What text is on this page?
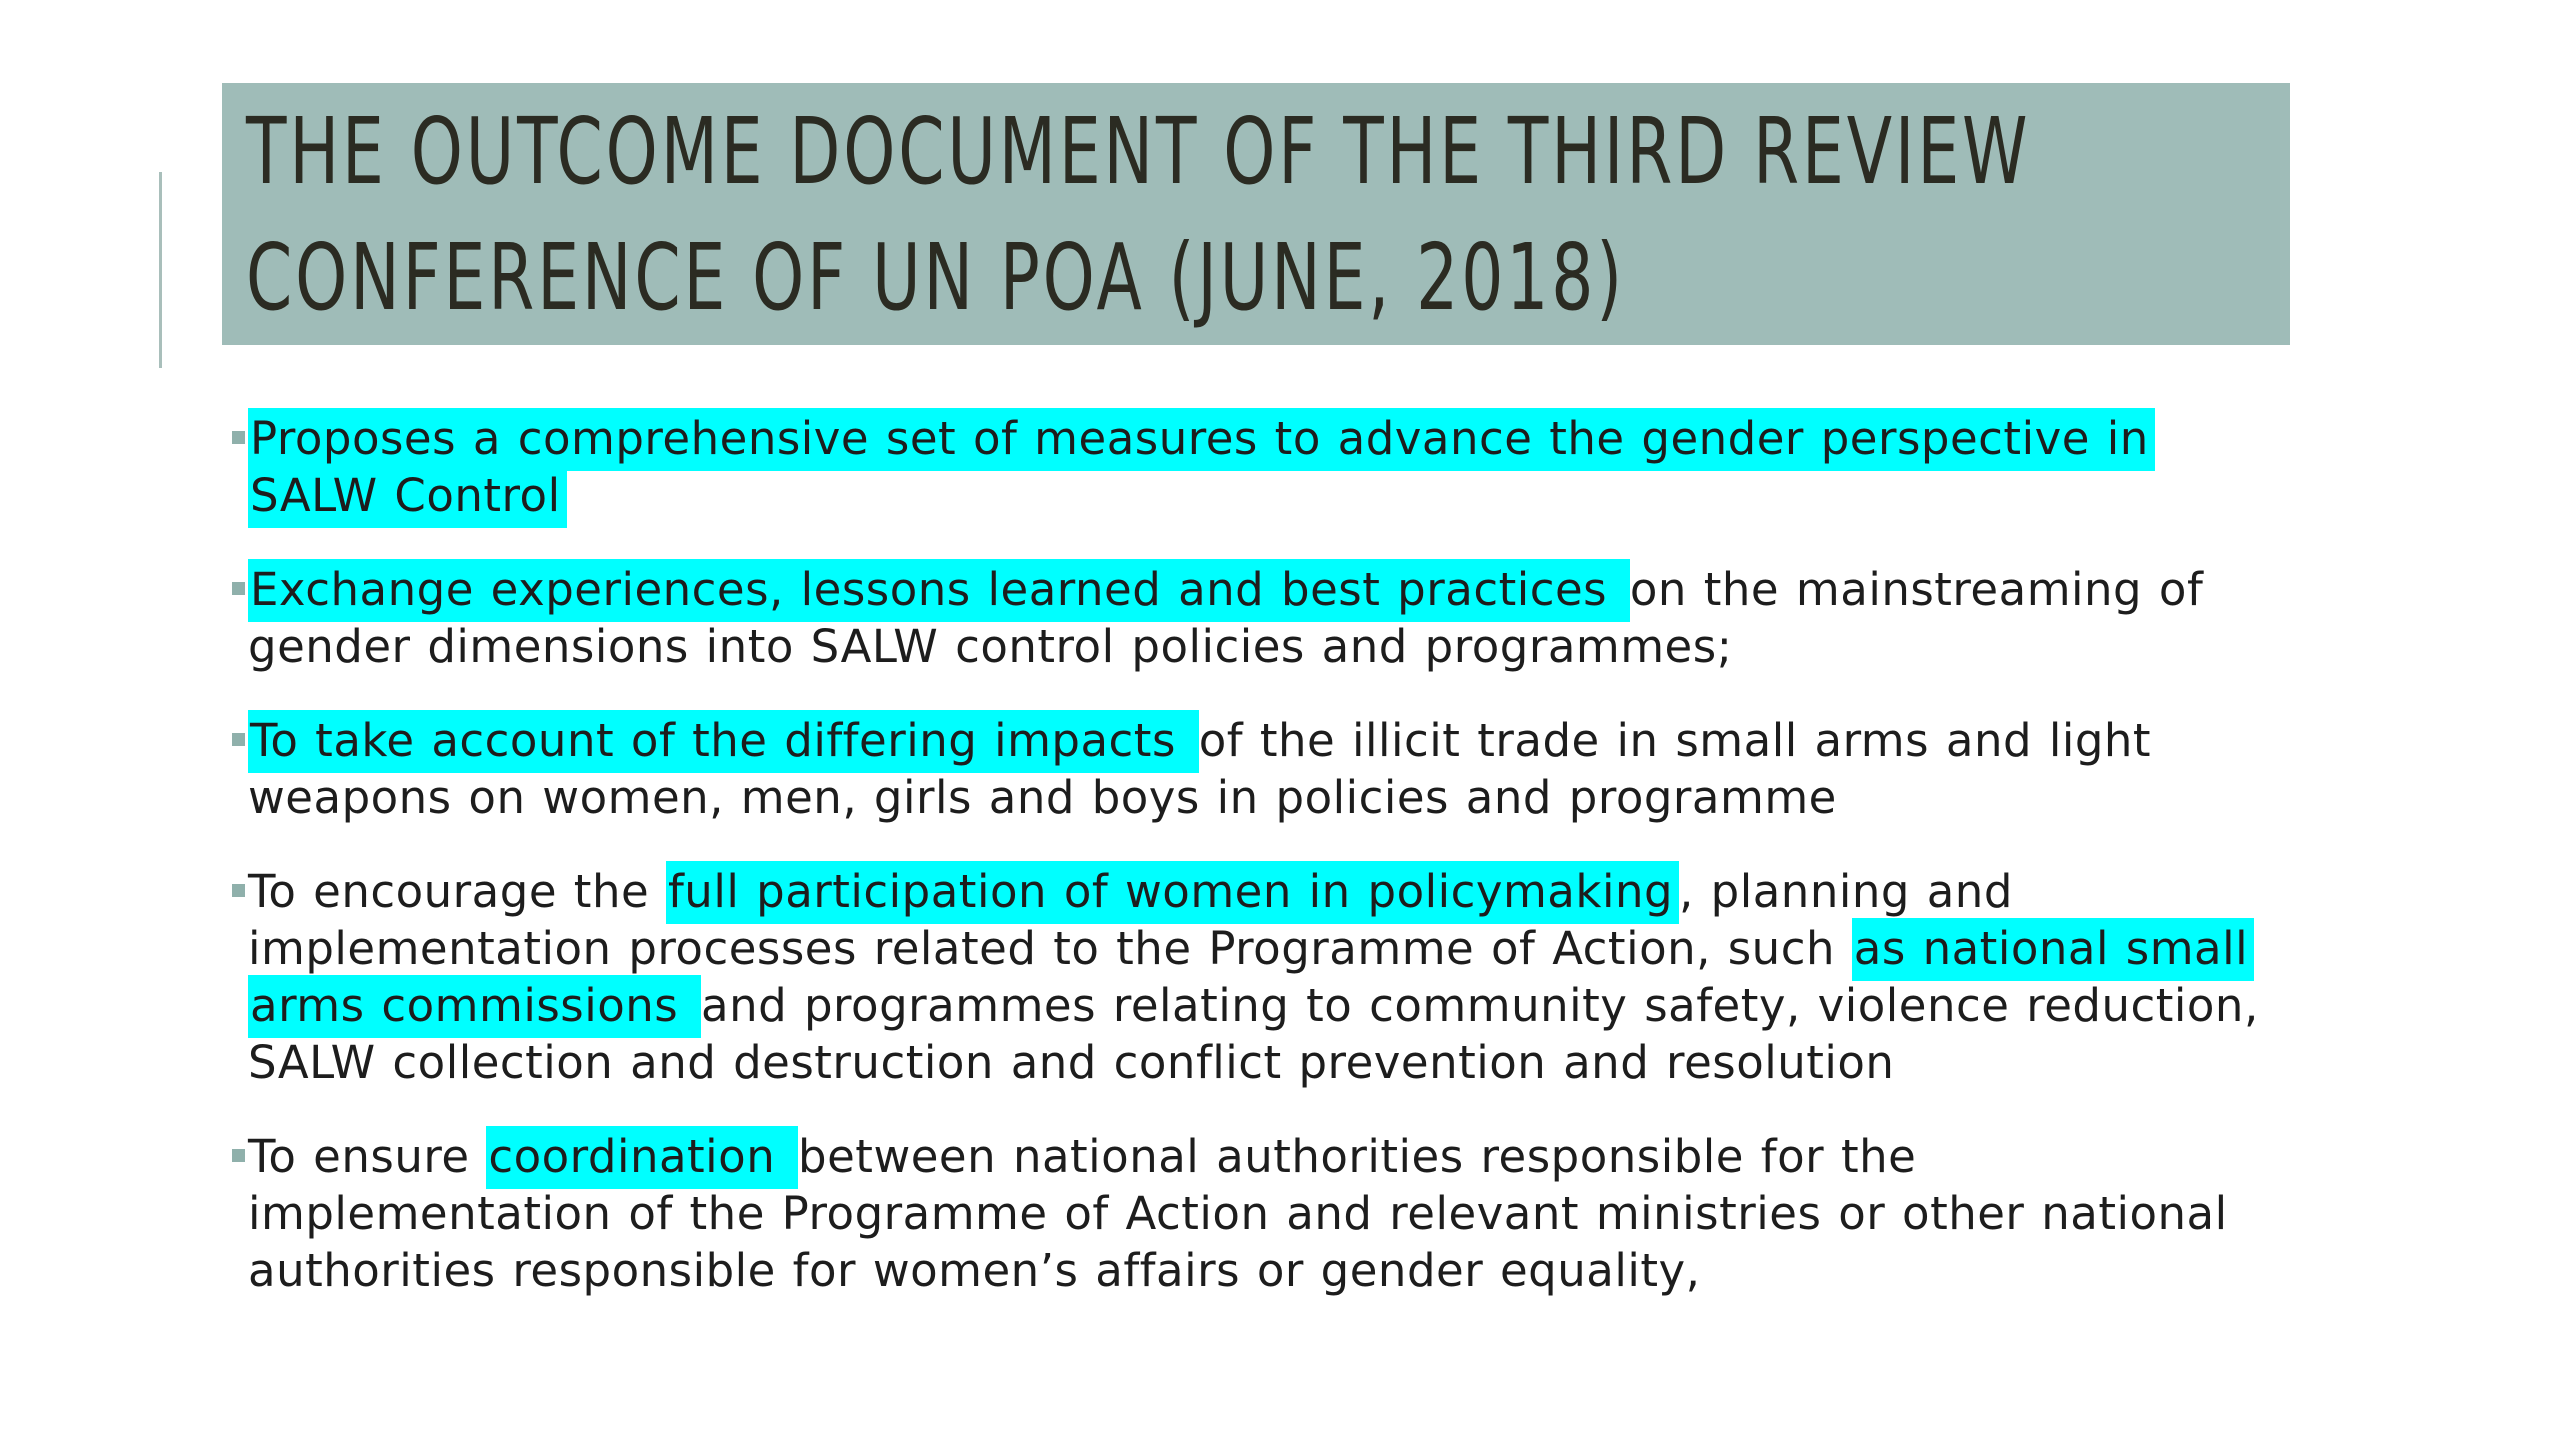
THE OUTCOME DOCUMENT OF THE THIRD REVIEW CONFERENCE OF UN POA (JUNE, 2018)
Proposes a comprehensive set of measures to advance the gender perspective in SALW Control
Exchange experiences, lessons learned and best practices on the mainstreaming of gender dimensions into SALW control policies and programmes;
To take account of the differing impacts of the illicit trade in small arms and light weapons on women, men, girls and boys in policies and programme
To encourage the full participation of women in policymaking , planning and implementation processes related to the Programme of Action, such as national small arms commissions and programmes relating to community safety, violence reduction, SALW collection and destruction and conflict prevention and resolution
To ensure coordination between national authorities responsible for the implementation of the Programme of Action and relevant ministries or other national authorities responsible for women’s affairs or gender equality,
